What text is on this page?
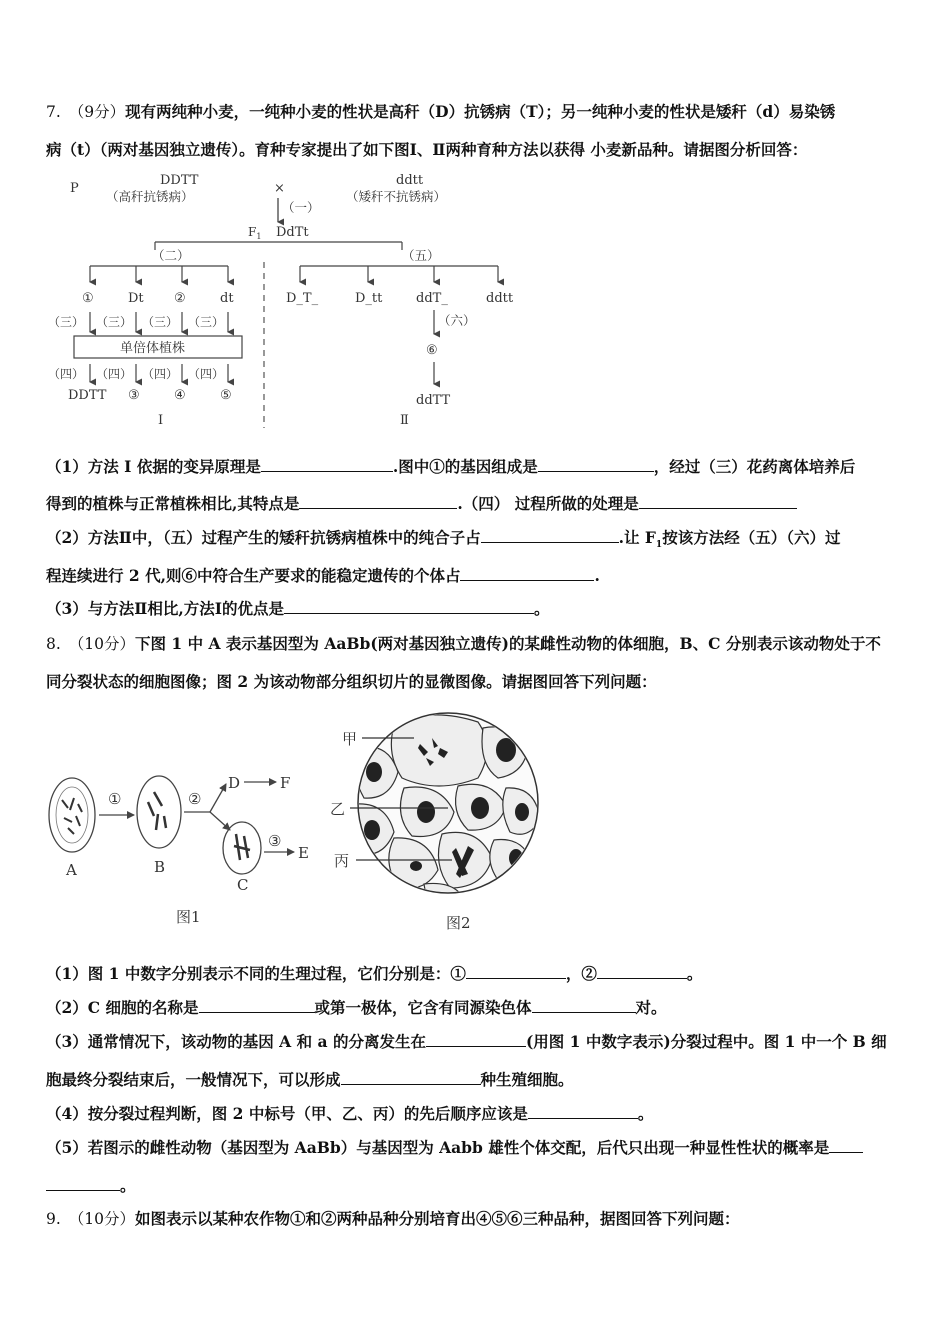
7. （9分）现有两纯种小麦，一纯种小麦的性状是高秆（D）抗锈病（T）；另一纯种小麦的性状是矮秆（d）易染锈
病（t）（两对基因独立遗传）。育种专家提出了如下图Ⅰ、Ⅱ两种育种方法以获得 小麦新品种。请据图分析回答：
P
DDTT
（高秆抗锈病）
×
ddtt
（矮秆不抗锈病）
（一）
$F_1$ DdTt
（二）	（五）
①	Dt ②	dt
（三） （三） （三） （三）
单倍体植株
（四） （四） （四） （四）
DDTT ③	④	⑤
Ⅰ
D_T_	D_tt	ddT_	ddtt
（六）
⑥
ddTT
Ⅱ
（1）方法 I 依据的变异原理是	.图中①的基因组成是	，经过（三）花药离体培养后
得到的植株与正常植株相比,其特点是	.（四） 过程所做的处理是
（2）方法Ⅱ中，（五）过程产生的矮秆抗锈病植株中的纯合子占	.让 $F_1$按该方法经（五）（六）过
程连续进行 2 代,则⑥中符合生产要求的能稳定遗传的个体占	.
（3）与方法Ⅱ相比,方法Ⅰ的优点是	。
8. （10分）下图 1 中 A 表示基因型为 AaBb(两对基因独立遗传)的某雌性动物的体细胞，B、C 分别表示该动物处于不
同分裂状态的细胞图像；图 2 为该动物部分组织切片的显微图像。请据图回答下列问题：
A
①
B
②
D	F
C
③
E
图1
甲
乙
丙
图2
（1）图 1 中数字分别表示不同的生理过程，它们分别是：①	，②	。
（2）C 细胞的名称是	或第一极体，它含有同源染色体	对。
（3）通常情况下，该动物的基因 A 和 a 的分离发生在	(用图 1 中数字表示)分裂过程中。图 1 中一个 B 细
胞最终分裂结束后，一般情况下，可以形成	种生殖细胞。
（4）按分裂过程判断，图 2 中标号（甲、乙、丙）的先后顺序应该是	。
（5）若图示的雌性动物（基因型为 AaBb）与基因型为 Aabb 雄性个体交配，后代只出现一种显性性状的概率是
。
9. （10分）如图表示以某种农作物①和②两种品种分别培育出④⑤⑥三种品种，据图回答下列问题：
